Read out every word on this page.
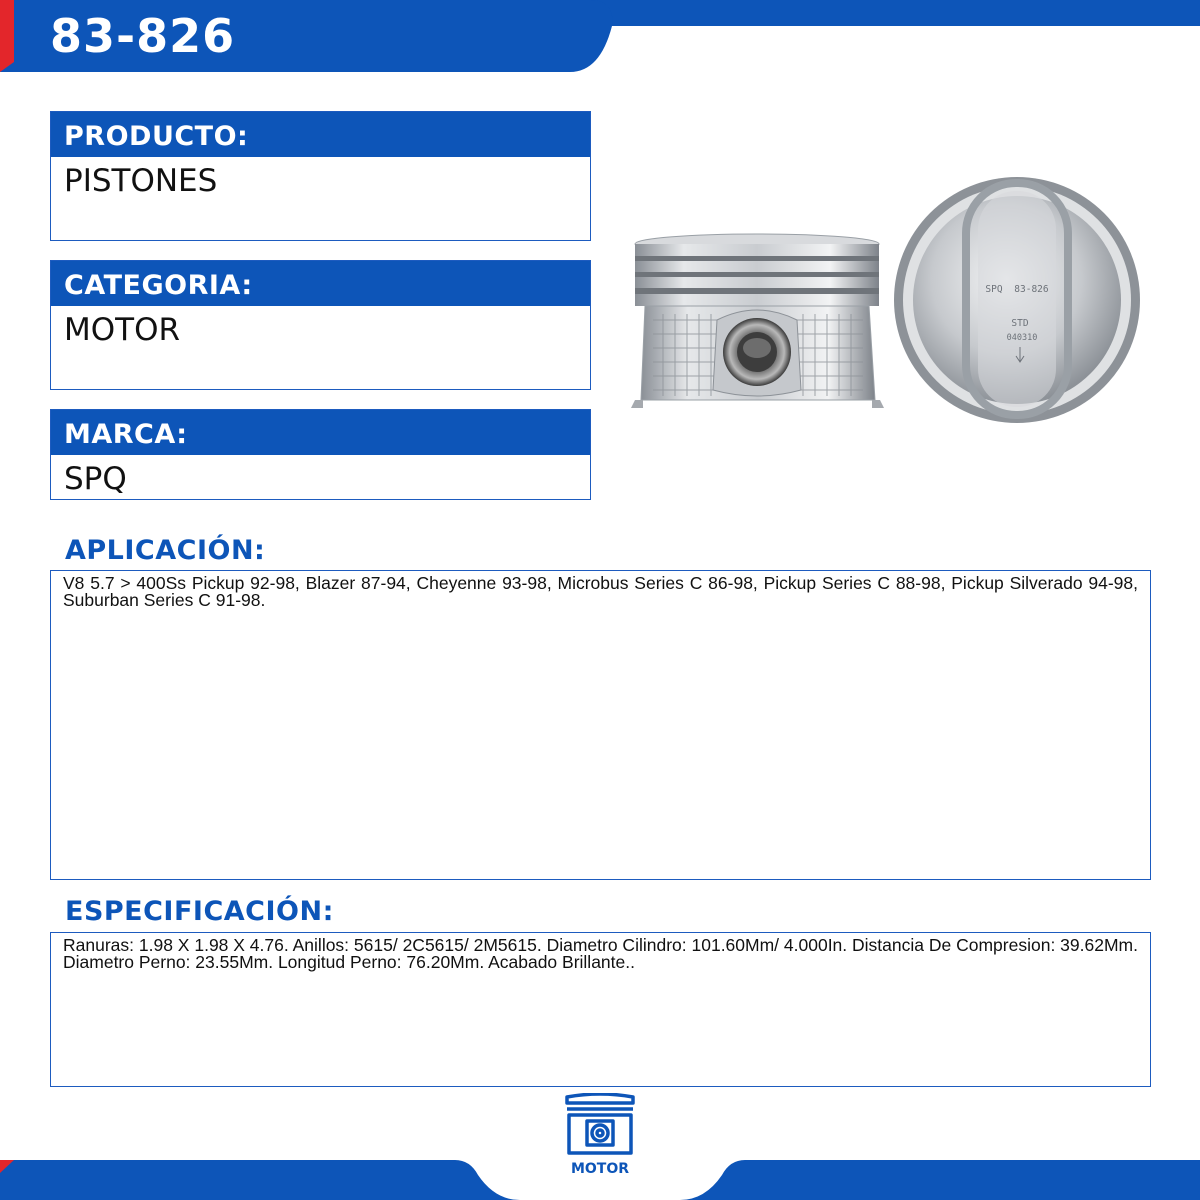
83-826
PRODUCTO:
PISTONES
CATEGORIA:
MOTOR
MARCA:
SPQ
SPQ 83-826
STD
040310
APLICACIÓN:
V8 5.7 > 400Ss Pickup 92-98, Blazer 87-94, Cheyenne 93-98, Microbus Series C 86-98, Pickup Series C 88-98, Pickup Silverado 94-98, Suburban Series C 91-98.
ESPECIFICACIÓN:
Ranuras: 1.98 X 1.98 X 4.76. Anillos: 5615/ 2C5615/ 2M5615. Diametro Cilindro: 101.60Mm/ 4.000In. Distancia De Compresion: 39.62Mm. Diametro Perno: 23.55Mm. Longitud Perno: 76.20Mm. Acabado Brillante..
MOTOR
